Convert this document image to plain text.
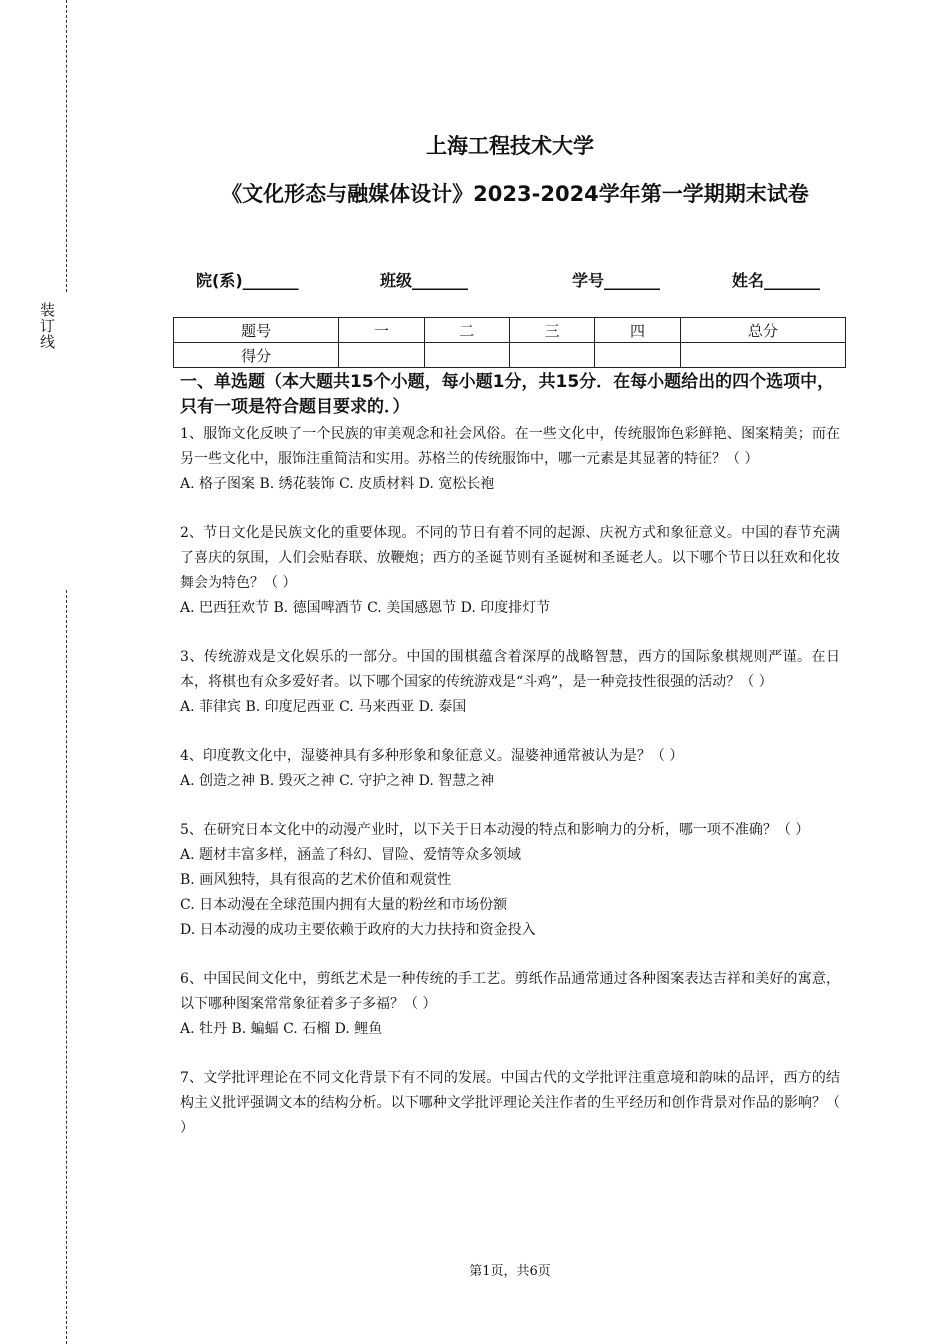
装订线
上海工程技术大学
《文化形态与融媒体设计》2023-2024学年第一学期期末试卷
院(系)_______	班级_______	学号_______	姓名_______
题号	一	二	三	四	总分
得分					
一、单选题（本大题共15个小题，每小题1分，共15分．在每小题给出的四个选项中，只有一项是符合题目要求的．）

1、服饰文化反映了一个民族的审美观念和社会风俗。在一些文化中，传统服饰色彩鲜艳、图案精美；而在另一些文化中，服饰注重简洁和实用。苏格兰的传统服饰中，哪一元素是其显著的特征？（ ）

A. 格子图案 B. 绣花装饰 C. 皮质材料 D. 宽松长袍

2、节日文化是民族文化的重要体现。不同的节日有着不同的起源、庆祝方式和象征意义。中国的春节充满了喜庆的氛围，人们会贴春联、放鞭炮；西方的圣诞节则有圣诞树和圣诞老人。以下哪个节日以狂欢和化妆舞会为特色？（ ）

A. 巴西狂欢节 B. 德国啤酒节 C. 美国感恩节 D. 印度排灯节

3、传统游戏是文化娱乐的一部分。中国的围棋蕴含着深厚的战略智慧，西方的国际象棋规则严谨。在日本，将棋也有众多爱好者。以下哪个国家的传统游戏是“斗鸡”，是一种竞技性很强的活动？（ ）

A. 菲律宾 B. 印度尼西亚 C. 马来西亚 D. 泰国

4、印度教文化中，湿婆神具有多种形象和象征意义。湿婆神通常被认为是？（ ）

A. 创造之神 B. 毁灭之神 C. 守护之神 D. 智慧之神

5、在研究日本文化中的动漫产业时，以下关于日本动漫的特点和影响力的分析，哪一项不准确？（ ）

A. 题材丰富多样，涵盖了科幻、冒险、爱情等众多领域

B. 画风独特，具有很高的艺术价值和观赏性

C. 日本动漫在全球范围内拥有大量的粉丝和市场份额

D. 日本动漫的成功主要依赖于政府的大力扶持和资金投入

6、中国民间文化中，剪纸艺术是一种传统的手工艺。剪纸作品通常通过各种图案表达吉祥和美好的寓意，以下哪种图案常常象征着多子多福？（ ）

A. 牡丹 B. 蝙蝠 C. 石榴 D. 鲤鱼

7、文学批评理论在不同文化背景下有不同的发展。中国古代的文学批评注重意境和韵味的品评，西方的结构主义批评强调文本的结构分析。以下哪种文学批评理论关注作者的生平经历和创作背景对作品的影响？（ ）

第1页，共6页
